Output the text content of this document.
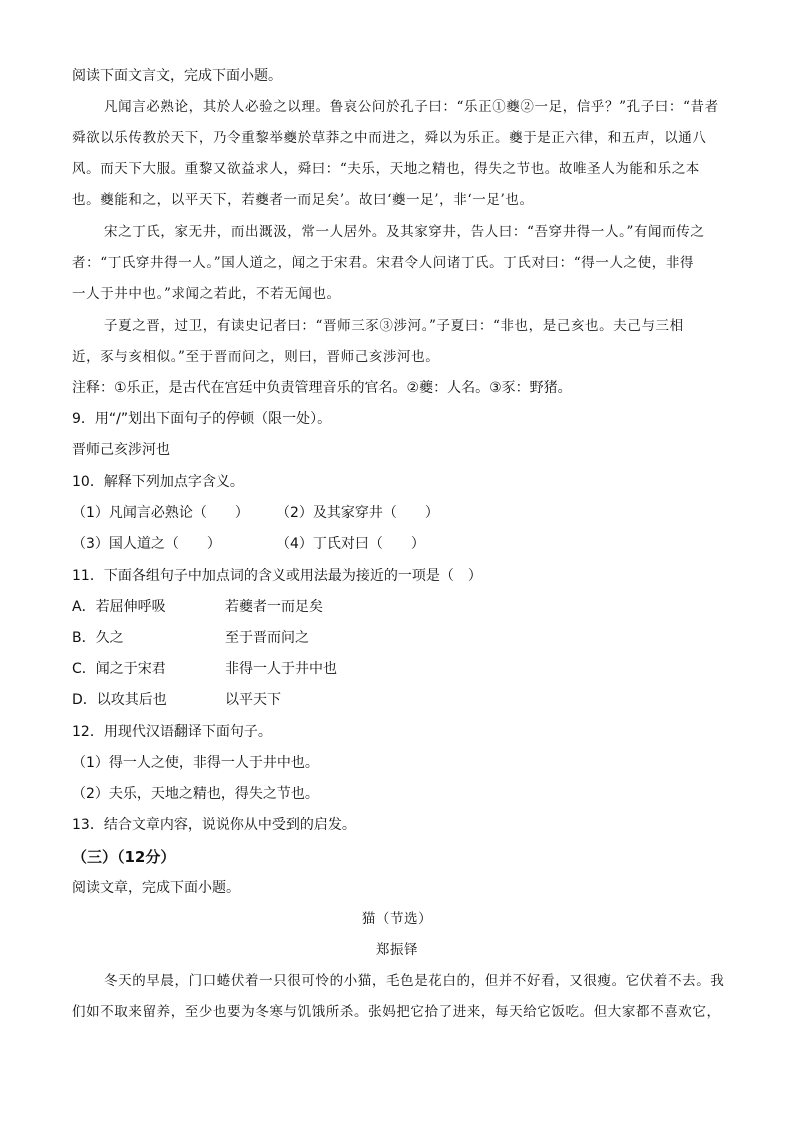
阅读下面文言文，完成下面小题。
凡闻言必熟论，其於人必验之以理。鲁哀公问於孔子曰：“乐正①夔②一足，信乎？”孔子曰：“昔者
舜欲以乐传教於天下，乃令重黎举夔於草莽之中而进之，舜以为乐正。夔于是正六律，和五声，以通八
风。而天下大服。重黎又欲益求人，舜曰：“夫乐，天地之精也，得失之节也。故唯圣人为能和乐之本
也。夔能和之，以平天下，若夔者一而足矣’。故曰‘夔一足’，非‘一足’也。
宋之丁氏，家无井，而出溉汲，常一人居外。及其家穿井，告人曰：“吾穿井得一人。”有闻而传之
者：“丁氏穿井得一人。”国人道之，闻之于宋君。宋君令人问诸丁氏。丁氏对曰：“得一人之使，非得
一人于井中也。”求闻之若此，不若无闻也。
子夏之晋，过卫，有读史记者曰：“晋师三豕③涉河。”子夏曰：“非也，是己亥也。夫己与三相
近，豕与亥相似。”至于晋而问之，则曰，晋师己亥涉河也。
注释：①乐正，是古代在宫廷中负责管理音乐的官名。②夔：人名。③豕：野猪。
9．用“/”划出下面句子的停顿（限一处）。
晋师己亥涉河也
10．解释下列加点字含义。
（1）凡闻言必熟论（　　） （2）及其家穿井（　　）
（3）国人道之（　　）	（4）丁氏对曰（　　）
11．下面各组句子中加点词的含义或用法最为接近的一项是（　）
A．若屈伸呼吸	若夔者一而足矣
B．久之	至于晋而问之
C．闻之于宋君	非得一人于井中也
D．以攻其后也	以平天下
12．用现代汉语翻译下面句子。
（1）得一人之使，非得一人于井中也。
（2）夫乐，天地之精也，得失之节也。
13．结合文章内容，说说你从中受到的启发。
（三）（12分）
阅读文章，完成下面小题。
猫（节选）
郑振铎
冬天的早晨，门口蜷伏着一只很可怜的小猫，毛色是花白的，但并不好看，又很瘦。它伏着不去。我
们如不取来留养，至少也要为冬寒与饥饿所杀。张妈把它拾了进来，每天给它饭吃。但大家都不喜欢它，
